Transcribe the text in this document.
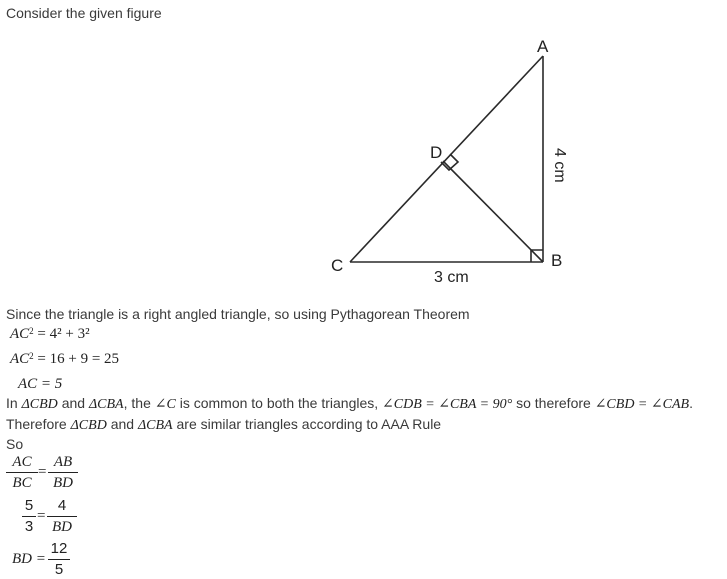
Consider the given figure
A
B
C
D	4 cm
3 cm
Since the triangle is a right angled triangle, so using Pythagorean Theorem
$AC^2 = 4^2 + 3^2$
$AC^2 = 16 + 9 = 25$
AC = 5
In ΔCBD and ΔCBA, the ∠C is common to both the triangles, ∠CDB = ∠CBA = 90° so therefore ∠CBD = ∠CAB.
Therefore ΔCBD and ΔCBA are similar triangles according to AAA Rule
So
AC
BC
=
AB
BD
5
3
=
4
BD
BD =
12
5
